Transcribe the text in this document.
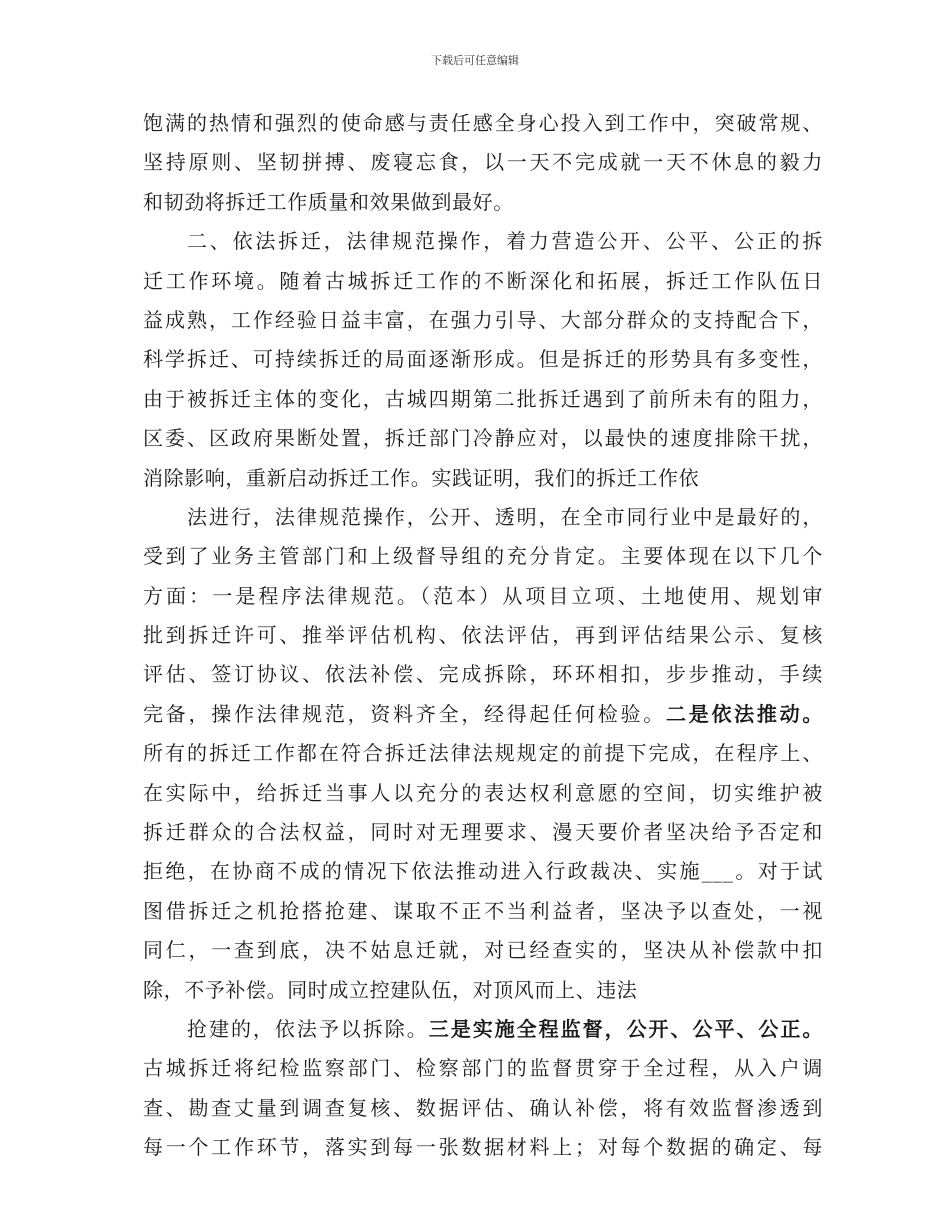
下载后可任意编辑
饱满的热情和强烈的使命感与责任感全身心投入到工作中，突破常规、
坚持原则、坚韧拼搏、废寝忘食，以一天不完成就一天不休息的毅力
和韧劲将拆迁工作质量和效果做到最好。
二、依法拆迁，法律规范操作，着力营造公开、公平、公正的拆
迁工作环境。随着古城拆迁工作的不断深化和拓展，拆迁工作队伍日
益成熟，工作经验日益丰富，在强力引导、大部分群众的支持配合下，
科学拆迁、可持续拆迁的局面逐渐形成。但是拆迁的形势具有多变性，
由于被拆迁主体的变化，古城四期第二批拆迁遇到了前所未有的阻力，
区委、区政府果断处置，拆迁部门冷静应对，以最快的速度排除干扰，
消除影响，重新启动拆迁工作。实践证明，我们的拆迁工作依
法进行，法律规范操作，公开、透明，在全市同行业中是最好的，
受到了业务主管部门和上级督导组的充分肯定。主要体现在以下几个
方面：一是程序法律规范。（范本）从项目立项、土地使用、规划审
批到拆迁许可、推举评估机构、依法评估，再到评估结果公示、复核
评估、签订协议、依法补偿、完成拆除，环环相扣，步步推动，手续
完备，操作法律规范，资料齐全，经得起任何检验。二是依法推动。
所有的拆迁工作都在符合拆迁法律法规规定的前提下完成，在程序上、
在实际中，给拆迁当事人以充分的表达权利意愿的空间，切实维护被
拆迁群众的合法权益，同时对无理要求、漫天要价者坚决给予否定和
拒绝，在协商不成的情况下依法推动进入行政裁决、实施___。对于试
图借拆迁之机抢搭抢建、谋取不正不当利益者，坚决予以查处，一视
同仁，一查到底，决不姑息迁就，对已经查实的，坚决从补偿款中扣
除，不予补偿。同时成立控建队伍，对顶风而上、违法
抢建的，依法予以拆除。三是实施全程监督，公开、公平、公正。
古城拆迁将纪检监察部门、检察部门的监督贯穿于全过程，从入户调
查、勘查丈量到调查复核、数据评估、确认补偿，将有效监督渗透到
每一个工作环节，落实到每一张数据材料上；对每个数据的确定、每
